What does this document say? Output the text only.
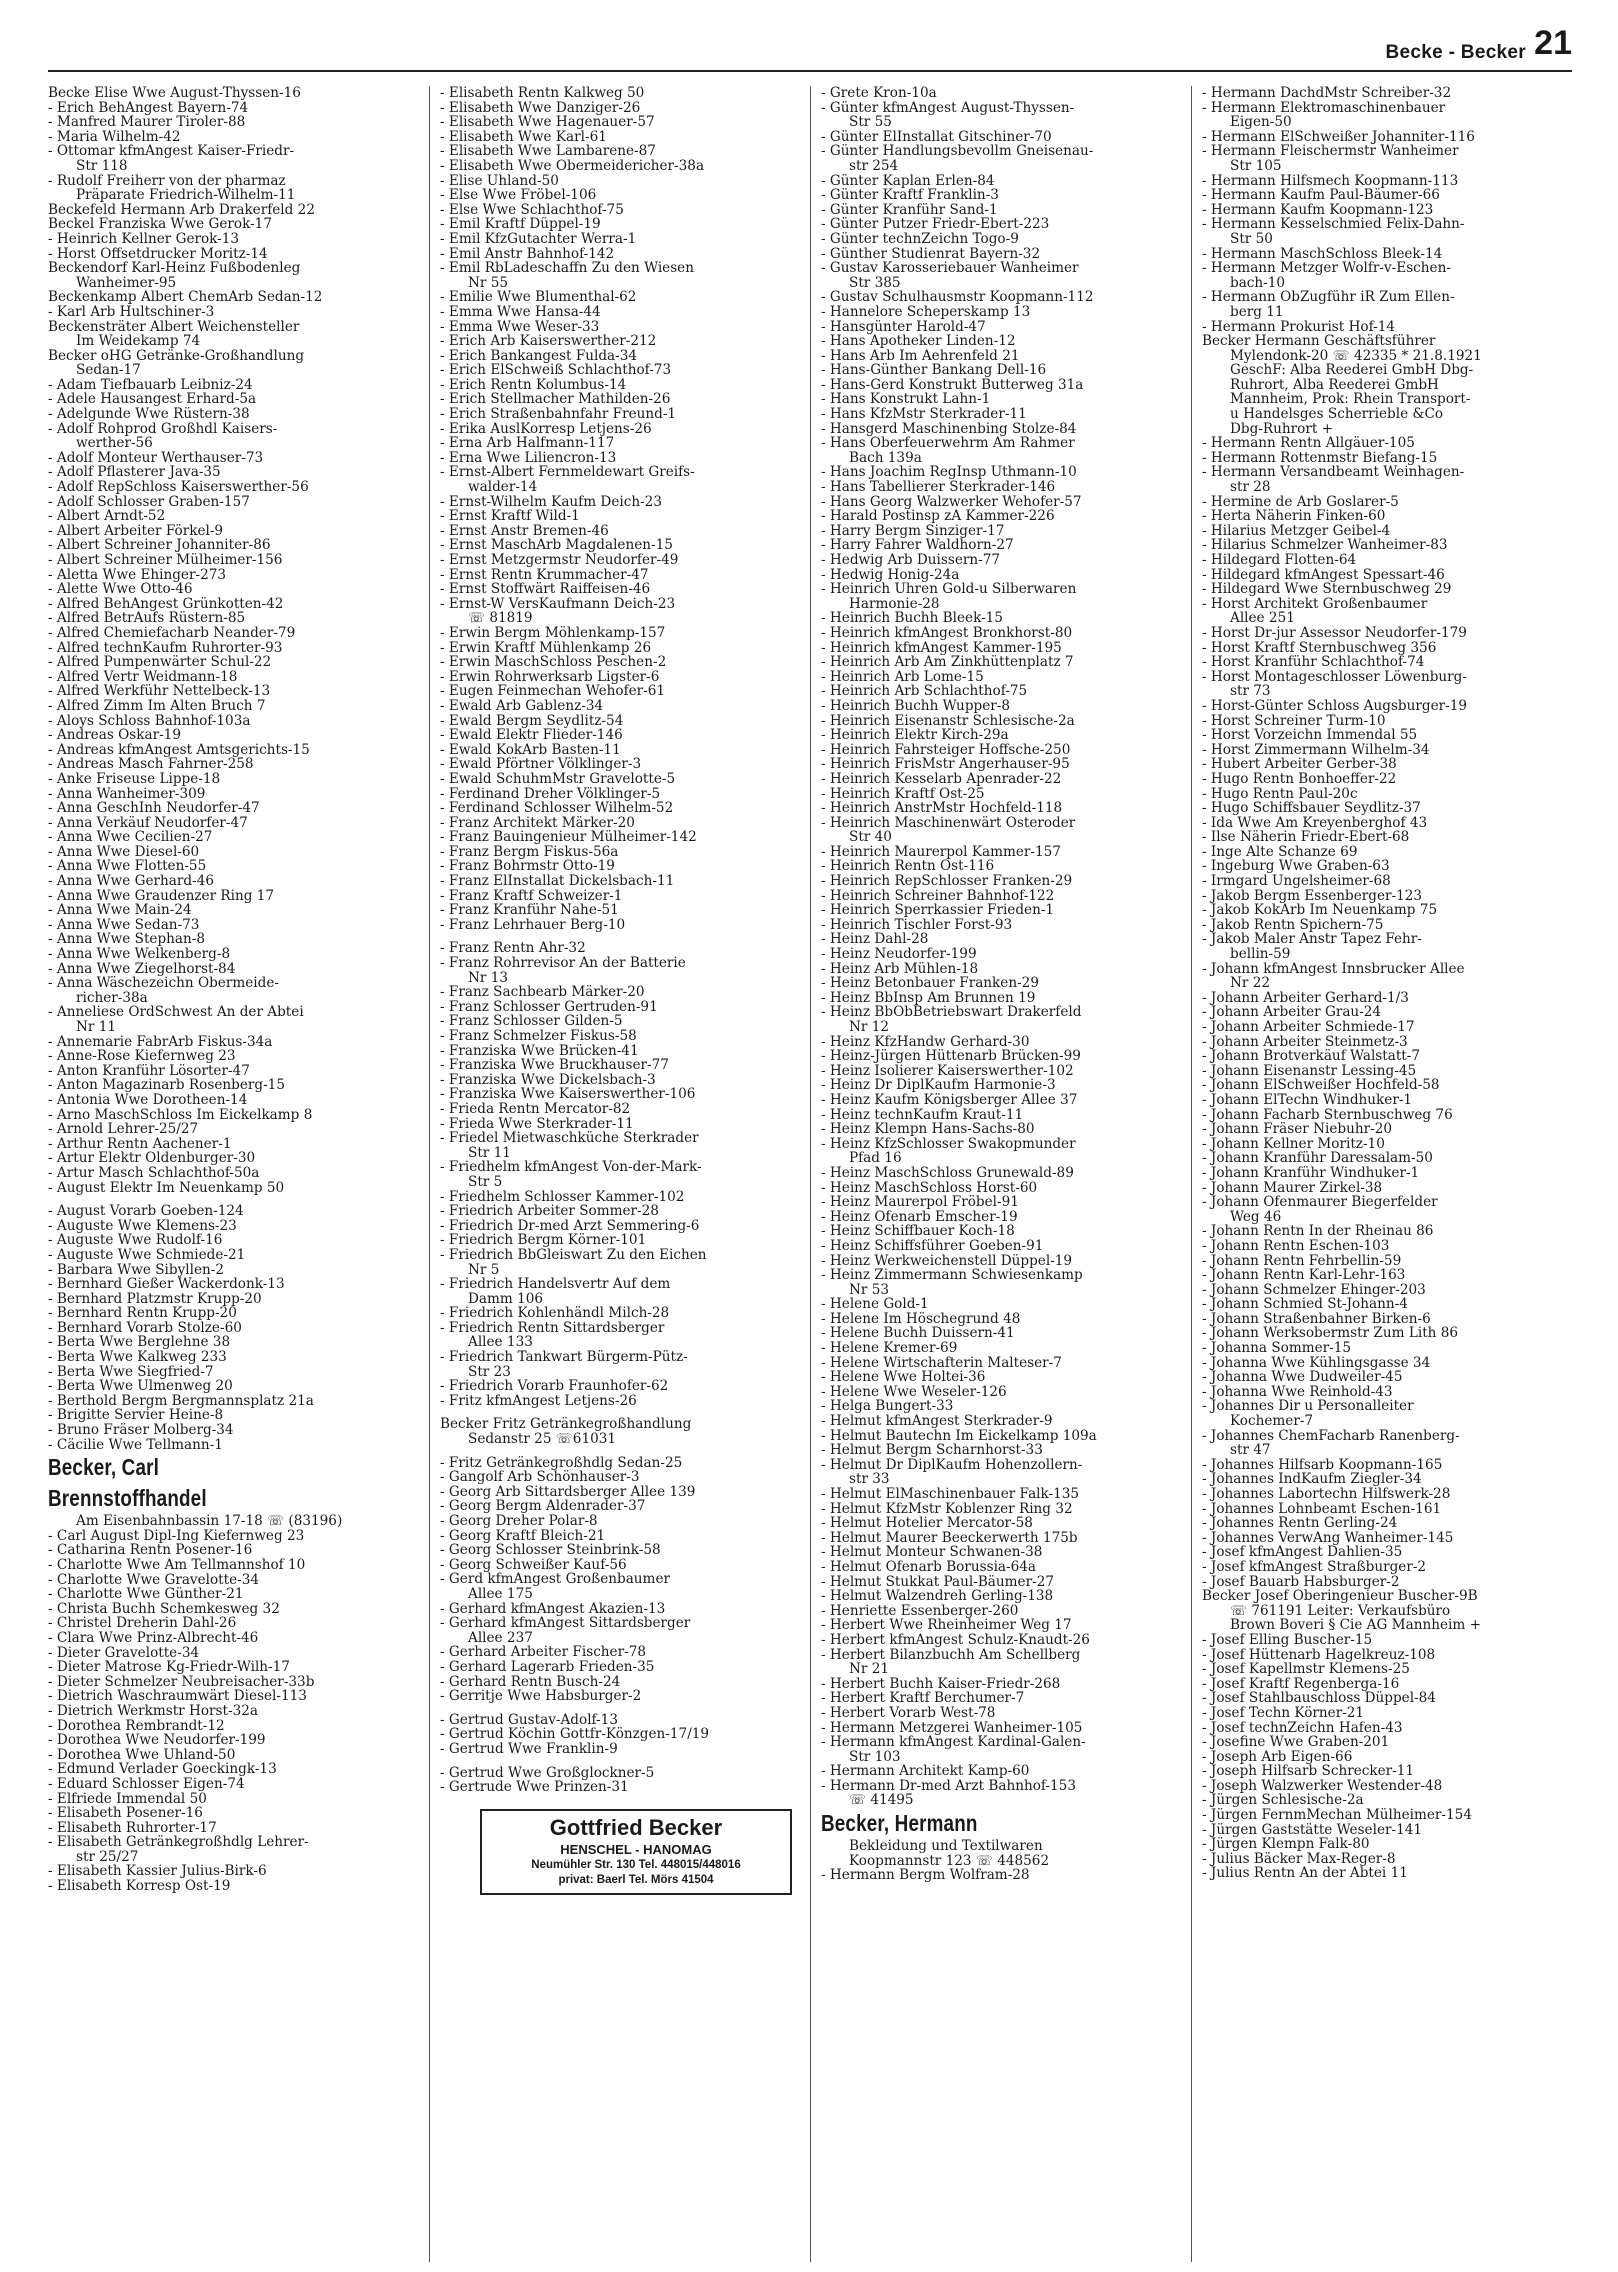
Becke - Becker 21
Becke Elise Wwe August-Thyssen-16
- Erich BehAngest Bayern-74
- Manfred Maurer Tiroler-88
- Maria Wilhelm-42
- Ottomar kfmAngest Kaiser-Friedr-
Str 118
- Rudolf Freiherr von der pharmaz
Präparate Friedrich-Wilhelm-11
Beckefeld Hermann Arb Drakerfeld 22
Beckel Franziska Wwe Gerok-17
- Heinrich Kellner Gerok-13
- Horst Offsetdrucker Moritz-14
Beckendorf Karl-Heinz Fußbodenleg
Wanheimer-95
Beckenkamp Albert ChemArb Sedan-12
- Karl Arb Hultschiner-3
Beckensträter Albert Weichensteller
Im Weidekamp 74
Becker oHG Getränke-Großhandlung
Sedan-17
- Adam Tiefbauarb Leibniz-24
- Adele Hausangest Erhard-5a
- Adelgunde Wwe Rüstern-38
- Adolf Rohprod Großhdl Kaisers-
werther-56
- Adolf Monteur Werthauser-73
- Adolf Pflasterer Java-35
- Adolf RepSchloss Kaiserswerther-56
- Adolf Schlosser Graben-157
- Albert Arndt-52
- Albert Arbeiter Förkel-9
- Albert Schreiner Johanniter-86
- Albert Schreiner Mülheimer-156
- Aletta Wwe Ehinger-273
- Alette Wwe Otto-46
- Alfred BehAngest Grünkotten-42
- Alfred BetrAufs Rüstern-85
- Alfred Chemiefacharb Neander-79
- Alfred technKaufm Ruhrorter-93
- Alfred Pumpenwärter Schul-22
- Alfred Vertr Weidmann-18
- Alfred Werkführ Nettelbeck-13
- Alfred Zimm Im Alten Bruch 7
- Aloys Schloss Bahnhof-103a
- Andreas Oskar-19
- Andreas kfmAngest Amtsgerichts-15
- Andreas Masch Fahrner-258
- Anke Friseuse Lippe-18
- Anna Wanheimer-309
- Anna GeschInh Neudorfer-47
- Anna Verkäuf Neudorfer-47
- Anna Wwe Cecilien-27
- Anna Wwe Diesel-60
- Anna Wwe Flotten-55
- Anna Wwe Gerhard-46
- Anna Wwe Graudenzer Ring 17
- Anna Wwe Main-24
- Anna Wwe Sedan-73
- Anna Wwe Stephan-8
- Anna Wwe Welkenberg-8
- Anna Wwe Ziegelhorst-84
- Anna Wäschezeichn Obermeide-
richer-38a
- Anneliese OrdSchwest An der Abtei
Nr 11
- Annemarie FabrArb Fiskus-34a
- Anne-Rose Kiefernweg 23
- Anton Kranführ Lösorter-47
- Anton Magazinarb Rosenberg-15
- Antonia Wwe Dorotheen-14
- Arno MaschSchloss Im Eickelkamp 8
- Arnold Lehrer-25/27
- Arthur Rentn Aachener-1
- Artur Elektr Oldenburger-30
- Artur Masch Schlachthof-50a
- August Elektr Im Neuenkamp 50
- August Vorarb Goeben-124
- Auguste Wwe Klemens-23
- Auguste Wwe Rudolf-16
- Auguste Wwe Schmiede-21
- Barbara Wwe Sibyllen-2
- Bernhard Gießer Wackerdonk-13
- Bernhard Platzmstr Krupp-20
- Bernhard Rentn Krupp-20
- Bernhard Vorarb Stolze-60
- Berta Wwe Berglehne 38
- Berta Wwe Kalkweg 233
- Berta Wwe Siegfried-7
- Berta Wwe Ulmenweg 20
- Berthold Bergm Bergmannsplatz 21a
- Brigitte Servier Heine-8
- Bruno Fräser Molberg-34
- Cäcilie Wwe Tellmann-1
Becker, Carl
Brennstoffhandel
Am Eisenbahnbassin 17-18 ☏ (83196)
- Carl August Dipl-Ing Kiefernweg 23
- Catharina Rentn Posener-16
- Charlotte Wwe Am Tellmannshof 10
- Charlotte Wwe Gravelotte-34
- Charlotte Wwe Günther-21
- Christa Buchh Schemkesweg 32
- Christel Dreherin Dahl-26
- Clara Wwe Prinz-Albrecht-46
- Dieter Gravelotte-34
- Dieter Matrose Kg-Friedr-Wilh-17
- Dieter Schmelzer Neubreisacher-33b
- Dietrich Waschraumwärt Diesel-113
- Dietrich Werkmstr Horst-32a
- Dorothea Rembrandt-12
- Dorothea Wwe Neudorfer-199
- Dorothea Wwe Uhland-50
- Edmund Verlader Goeckingk-13
- Eduard Schlosser Eigen-74
- Elfriede Immendal 50
- Elisabeth Posener-16
- Elisabeth Ruhrorter-17
- Elisabeth Getränkegroßhdlg Lehrer-
str 25/27
- Elisabeth Kassier Julius-Birk-6
- Elisabeth Korresp Ost-19
- Elisabeth Rentn Kalkweg 50
- Elisabeth Wwe Danziger-26
- Elisabeth Wwe Hagenauer-57
- Elisabeth Wwe Karl-61
- Elisabeth Wwe Lambarene-87
- Elisabeth Wwe Obermeidericher-38a
- Elise Uhland-50
- Else Wwe Fröbel-106
- Else Wwe Schlachthof-75
- Emil Kraftf Düppel-19
- Emil KfzGutachter Werra-1
- Emil Anstr Bahnhof-142
- Emil RbLadeschaffn Zu den Wiesen
Nr 55
- Emilie Wwe Blumenthal-62
- Emma Wwe Hansa-44
- Emma Wwe Weser-33
- Erich Arb Kaiserswerther-212
- Erich Bankangest Fulda-34
- Erich ElSchweiß Schlachthof-73
- Erich Rentn Kolumbus-14
- Erich Stellmacher Mathilden-26
- Erich Straßenbahnfahr Freund-1
- Erika AuslKorresp Letjens-26
- Erna Arb Halfmann-117
- Erna Wwe Liliencron-13
- Ernst-Albert Fernmeldewart Greifs-
walder-14
- Ernst-Wilhelm Kaufm Deich-23
- Ernst Kraftf Wild-1
- Ernst Anstr Bremen-46
- Ernst MaschArb Magdalenen-15
- Ernst Metzgermstr Neudorfer-49
- Ernst Rentn Krummacher-47
- Ernst Stoffwärt Raiffeisen-46
- Ernst-W VersKaufmann Deich-23
☏ 81819
- Erwin Bergm Möhlenkamp-157
- Erwin Kraftf Mühlenkamp 26
- Erwin MaschSchloss Peschen-2
- Erwin Rohrwerksarb Ligster-6
- Eugen Feinmechan Wehofer-61
- Ewald Arb Gablenz-34
- Ewald Bergm Seydlitz-54
- Ewald Elektr Flieder-146
- Ewald KokArb Basten-11
- Ewald Pförtner Völklinger-3
- Ewald SchuhmMstr Gravelotte-5
- Ferdinand Dreher Völklinger-5
- Ferdinand Schlosser Wilhelm-52
- Franz Architekt Märker-20
- Franz Bauingenieur Mülheimer-142
- Franz Bergm Fiskus-56a
- Franz Bohrmstr Otto-19
- Franz ElInstallat Dickelsbach-11
- Franz Kraftf Schweizer-1
- Franz Kranführ Nahe-51
- Franz Lehrhauer Berg-10
- Franz Rentn Ahr-32
- Franz Rohrrevisor An der Batterie
Nr 13
- Franz Sachbearb Märker-20
- Franz Schlosser Gertruden-91
- Franz Schlosser Gilden-5
- Franz Schmelzer Fiskus-58
- Franziska Wwe Brücken-41
- Franziska Wwe Bruckhauser-77
- Franziska Wwe Dickelsbach-3
- Franziska Wwe Kaiserswerther-106
- Frieda Rentn Mercator-82
- Frieda Wwe Sterkrader-11
- Friedel Mietwaschküche Sterkrader
Str 11
- Friedhelm kfmAngest Von-der-Mark-
Str 5
- Friedhelm Schlosser Kammer-102
- Friedrich Arbeiter Sommer-28
- Friedrich Dr-med Arzt Semmering-6
- Friedrich Bergm Körner-101
- Friedrich BbGleiswart Zu den Eichen
Nr 5
- Friedrich Handelsvertr Auf dem
Damm 106
- Friedrich Kohlenhändl Milch-28
- Friedrich Rentn Sittardsberger
Allee 133
- Friedrich Tankwart Bürgerm-Pütz-
Str 23
- Friedrich Vorarb Fraunhofer-62
- Fritz kfmAngest Letjens-26
Becker Fritz Getränkegroßhandlung
Sedanstr 25 ☏61031
- Fritz Getränkegroßhdlg Sedan-25
- Gangolf Arb Schönhauser-3
- Georg Arb Sittardsberger Allee 139
- Georg Bergm Aldenrader-37
- Georg Dreher Polar-8
- Georg Kraftf Bleich-21
- Georg Schlosser Steinbrink-58
- Georg Schweißer Kauf-56
- Gerd kfmAngest Großenbaumer
Allee 175
- Gerhard kfmAngest Akazien-13
- Gerhard kfmAngest Sittardsberger
Allee 237
- Gerhard Arbeiter Fischer-78
- Gerhard Lagerarb Frieden-35
- Gerhard Rentn Busch-24
- Gerritje Wwe Habsburger-2
- Gertrud Gustav-Adolf-13
- Gertrud Köchin Gottfr-Könzgen-17/19
- Gertrud Wwe Franklin-9
- Gertrud Wwe Großglockner-5
- Gertrude Wwe Prinzen-31
Gottfried Becker
HENSCHEL - HANOMAG
Neumühler Str. 130 Tel. 448015/448016
privat: Baerl Tel. Mörs 41504
- Grete Kron-10a
- Günter kfmAngest August-Thyssen-
Str 55
- Günter ElInstallat Gitschiner-70
- Günter Handlungsbevollm Gneisenau-
str 254
- Günter Kaplan Erlen-84
- Günter Kraftf Franklin-3
- Günter Kranführ Sand-1
- Günter Putzer Friedr-Ebert-223
- Günter technZeichn Togo-9
- Günther Studienrat Bayern-32
- Gustav Karosseriebauer Wanheimer
Str 385
- Gustav Schulhausmstr Koopmann-112
- Hannelore Scheperskamp 13
- Hansgünter Harold-47
- Hans Apotheker Linden-12
- Hans Arb Im Aehrenfeld 21
- Hans-Günther Bankang Dell-16
- Hans-Gerd Konstrukt Butterweg 31a
- Hans Konstrukt Lahn-1
- Hans KfzMstr Sterkrader-11
- Hansgerd Maschinenbing Stolze-84
- Hans Oberfeuerwehrm Am Rahmer
Bach 139a
- Hans Joachim RegInsp Uthmann-10
- Hans Tabellierer Sterkrader-146
- Hans Georg Walzwerker Wehofer-57
- Harald Postinsp zA Kammer-226
- Harry Bergm Sinziger-17
- Harry Fahrer Waldhorn-27
- Hedwig Arb Duissern-77
- Hedwig Honig-24a
- Heinrich Uhren Gold-u Silberwaren
Harmonie-28
- Heinrich Buchh Bleek-15
- Heinrich kfmAngest Bronkhorst-80
- Heinrich kfmAngest Kammer-195
- Heinrich Arb Am Zinkhüttenplatz 7
- Heinrich Arb Lome-15
- Heinrich Arb Schlachthof-75
- Heinrich Buchh Wupper-8
- Heinrich Eisenanstr Schlesische-2a
- Heinrich Elektr Kirch-29a
- Heinrich Fahrsteiger Hoffsche-250
- Heinrich FrisMstr Angerhauser-95
- Heinrich Kesselarb Apenrader-22
- Heinrich Kraftf Ost-25
- Heinrich AnstrMstr Hochfeld-118
- Heinrich Maschinenwärt Osteroder
Str 40
- Heinrich Maurerpol Kammer-157
- Heinrich Rentn Ost-116
- Heinrich RepSchlosser Franken-29
- Heinrich Schreiner Bahnhof-122
- Heinrich Sperrkassier Frieden-1
- Heinrich Tischler Forst-93
- Heinz Dahl-28
- Heinz Neudorfer-199
- Heinz Arb Mühlen-18
- Heinz Betonbauer Franken-29
- Heinz BbInsp Am Brunnen 19
- Heinz BbObBetriebswart Drakerfeld
Nr 12
- Heinz KfzHandw Gerhard-30
- Heinz-Jürgen Hüttenarb Brücken-99
- Heinz Isolierer Kaiserswerther-102
- Heinz Dr DiplKaufm Harmonie-3
- Heinz Kaufm Königsberger Allee 37
- Heinz technKaufm Kraut-11
- Heinz Klempn Hans-Sachs-80
- Heinz KfzSchlosser Swakopmunder
Pfad 16
- Heinz MaschSchloss Grunewald-89
- Heinz MaschSchloss Horst-60
- Heinz Maurerpol Fröbel-91
- Heinz Ofenarb Emscher-19
- Heinz Schiffbauer Koch-18
- Heinz Schiffsführer Goeben-91
- Heinz Werkweichenstell Düppel-19
- Heinz Zimmermann Schwiesenkamp
Nr 53
- Helene Gold-1
- Helene Im Höschegrund 48
- Helene Buchh Duissern-41
- Helene Kremer-69
- Helene Wirtschafterin Malteser-7
- Helene Wwe Holtei-36
- Helene Wwe Weseler-126
- Helga Bungert-33
- Helmut kfmAngest Sterkrader-9
- Helmut Bautechn Im Eickelkamp 109a
- Helmut Bergm Scharnhorst-33
- Helmut Dr DiplKaufm Hohenzollern-
str 33
- Helmut ElMaschinenbauer Falk-135
- Helmut KfzMstr Koblenzer Ring 32
- Helmut Hotelier Mercator-58
- Helmut Maurer Beeckerwerth 175b
- Helmut Monteur Schwanen-38
- Helmut Ofenarb Borussia-64a
- Helmut Stukkat Paul-Bäumer-27
- Helmut Walzendreh Gerling-138
- Henriette Essenberger-260
- Herbert Wwe Rheinheimer Weg 17
- Herbert kfmAngest Schulz-Knaudt-26
- Herbert Bilanzbuchh Am Schellberg
Nr 21
- Herbert Buchh Kaiser-Friedr-268
- Herbert Kraftf Berchumer-7
- Herbert Vorarb West-78
- Hermann Metzgerei Wanheimer-105
- Hermann kfmAngest Kardinal-Galen-
Str 103
- Hermann Architekt Kamp-60
- Hermann Dr-med Arzt Bahnhof-153
☏ 41495
Becker, Hermann
Bekleidung und Textilwaren
Koopmannstr 123 ☏ 448562
- Hermann Bergm Wolfram-28
- Hermann DachdMstr Schreiber-32
- Hermann Elektromaschinenbauer
Eigen-50
- Hermann ElSchweißer Johanniter-116
- Hermann Fleischermstr Wanheimer
Str 105
- Hermann Hilfsmech Koopmann-113
- Hermann Kaufm Paul-Bäumer-66
- Hermann Kaufm Koopmann-123
- Hermann Kesselschmied Felix-Dahn-
Str 50
- Hermann MaschSchloss Bleek-14
- Hermann Metzger Wolfr-v-Eschen-
bach-10
- Hermann ObZugführ iR Zum Ellen-
berg 11
- Hermann Prokurist Hof-14
Becker Hermann Geschäftsführer
Mylendonk-20 ☏ 42335 * 21.8.1921
GeschF: Alba Reederei GmbH Dbg-
Ruhrort, Alba Reederei GmbH
Mannheim, Prok: Rhein Transport-
u Handelsges Scherrieble &Co
Dbg-Ruhrort +
- Hermann Rentn Allgäuer-105
- Hermann Rottenmstr Biefang-15
- Hermann Versandbeamt Weinhagen-
str 28
- Hermine de Arb Goslarer-5
- Herta Näherin Finken-60
- Hilarius Metzger Geibel-4
- Hilarius Schmelzer Wanheimer-83
- Hildegard Flotten-64
- Hildegard kfmAngest Spessart-46
- Hildegard Wwe Sternbuschweg 29
- Horst Architekt Großenbaumer
Allee 251
- Horst Dr-jur Assessor Neudorfer-179
- Horst Kraftf Sternbuschweg 356
- Horst Kranführ Schlachthof-74
- Horst Montageschlosser Löwenburg-
str 73
- Horst-Günter Schloss Augsburger-19
- Horst Schreiner Turm-10
- Horst Vorzeichn Immendal 55
- Horst Zimmermann Wilhelm-34
- Hubert Arbeiter Gerber-38
- Hugo Rentn Bonhoeffer-22
- Hugo Rentn Paul-20c
- Hugo Schiffsbauer Seydlitz-37
- Ida Wwe Am Kreyenberghof 43
- Ilse Näherin Friedr-Ebert-68
- Inge Alte Schanze 69
- Ingeburg Wwe Graben-63
- Irmgard Ungelsheimer-68
- Jakob Bergm Essenberger-123
- Jakob KokArb Im Neuenkamp 75
- Jakob Rentn Spichern-75
- Jakob Maler Anstr Tapez Fehr-
bellin-59
- Johann kfmAngest Innsbrucker Allee
Nr 22
- Johann Arbeiter Gerhard-1/3
- Johann Arbeiter Grau-24
- Johann Arbeiter Schmiede-17
- Johann Arbeiter Steinmetz-3
- Johann Brotverkäuf Walstatt-7
- Johann Eisenanstr Lessing-45
- Johann ElSchweißer Hochfeld-58
- Johann ElTechn Windhuker-1
- Johann Facharb Sternbuschweg 76
- Johann Fräser Niebuhr-20
- Johann Kellner Moritz-10
- Johann Kranführ Daressalam-50
- Johann Kranführ Windhuker-1
- Johann Maurer Zirkel-38
- Johann Ofenmaurer Biegerfelder
Weg 46
- Johann Rentn In der Rheinau 86
- Johann Rentn Eschen-103
- Johann Rentn Fehrbellin-59
- Johann Rentn Karl-Lehr-163
- Johann Schmelzer Ehinger-203
- Johann Schmied St-Johann-4
- Johann Straßenbahner Birken-6
- Johann Werksobermstr Zum Lith 86
- Johanna Sommer-15
- Johanna Wwe Kühlingsgasse 34
- Johanna Wwe Dudweiler-45
- Johanna Wwe Reinhold-43
- Johannes Dir u Personalleiter
Kochemer-7
- Johannes ChemFacharb Ranenberg-
str 47
- Johannes Hilfsarb Koopmann-165
- Johannes IndKaufm Ziegler-34
- Johannes Labortechn Hilfswerk-28
- Johannes Lohnbeamt Eschen-161
- Johannes Rentn Gerling-24
- Johannes VerwAng Wanheimer-145
- Josef kfmAngest Dahlien-35
- Josef kfmAngest Straßburger-2
- Josef Bauarb Habsburger-2
Becker Josef Oberingenieur Buscher-9B
☏ 761191 Leiter: Verkaufsbüro
Brown Boveri § Cie AG Mannheim +
- Josef Elling Buscher-15
- Josef Hüttenarb Hagelkreuz-108
- Josef Kapellmstr Klemens-25
- Josef Kraftf Regenberga-16
- Josef Stahlbauschloss Düppel-84
- Josef Techn Körner-21
- Josef technZeichn Hafen-43
- Josefine Wwe Graben-201
- Joseph Arb Eigen-66
- Joseph Hilfsarb Schrecker-11
- Joseph Walzwerker Westender-48
- Jürgen Schlesische-2a
- Jürgen FernmMechan Mülheimer-154
- Jürgen Gaststätte Weseler-141
- Jürgen Klempn Falk-80
- Julius Bäcker Max-Reger-8
- Julius Rentn An der Abtei 11
